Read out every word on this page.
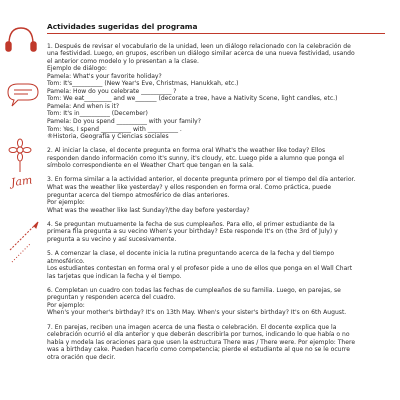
Jam
Actividades sugeridas del programa
1. Después de revisar el vocabulario de la unidad, leen un diálogo relacionado con la celebración de
una festividad. Luego, en grupos, escriben un diálogo similar acerca de una nueva festividad, usando
el anterior como modelo y lo presentan a la clase.
Ejemplo de diálogo:
Pamela: What's your favorite holiday?
Tom: It's__________ (New Year's Eve, Christmas, Hanukkah, etc.)
Pamela: How do you celebrate __________ ?
Tom: We eat_________ and we_______ (decorate a tree, have a Nativity Scene, light candles, etc.)
Pamela: And when is it?
Tom: It's in__________ (December)
Pamela: Do you spend __________ with your family?
Tom: Yes, I spend __________ with __________ .
®Historia, Geografía y Ciencias sociales
2. Al iniciar la clase, el docente pregunta en forma oral What's the weather like today? Ellos
responden dando información como It's sunny, it's cloudy, etc. Luego pide a alumno que ponga el
símbolo correspondiente en el Weather Chart que tengan en la sala.
3. En forma similar a la actividad anterior, el docente pregunta primero por el tiempo del día anterior.
What was the weather like yesterday? y ellos responden en forma oral. Como práctica, puede
preguntar acerca del tiempo atmosférico de días anteriores.
Por ejemplo:
What was the weather like last Sunday?/the day before yesterday?
4. Se preguntan mutuamente la fecha de sus cumpleaños. Para ello, el primer estudiante de la
primera fila pregunta a su vecino When's your birthday? Este responde It's on (the 3rd of July) y
pregunta a su vecino y así sucesivamente.
5. A comenzar la clase, el docente inicia la rutina preguntando acerca de la fecha y del tiempo
atmosférico.
Los estudiantes contestan en forma oral y el profesor pide a uno de ellos que ponga en el Wall Chart
las tarjetas que indican la fecha y el tiempo.
6. Completan un cuadro con todas las fechas de cumpleaños de su familia. Luego, en parejas, se
preguntan y responden acerca del cuadro.
Por ejemplo:
When's your mother's birthday? It's on 13th May. When's your sister's birthday? It's on 6th August.
7. En parejas, reciben una imagen acerca de una fiesta o celebración. El docente explica que la
celebración ocurrió el día anterior y que deberán describirla por turnos, indicando lo que había o no
había y modela las oraciones para que usen la estructura There was / There were. Por ejemplo: There
was a birthday cake. Pueden hacerlo como competencia; pierde el estudiante al que no se le ocurre
otra oración que decir.
